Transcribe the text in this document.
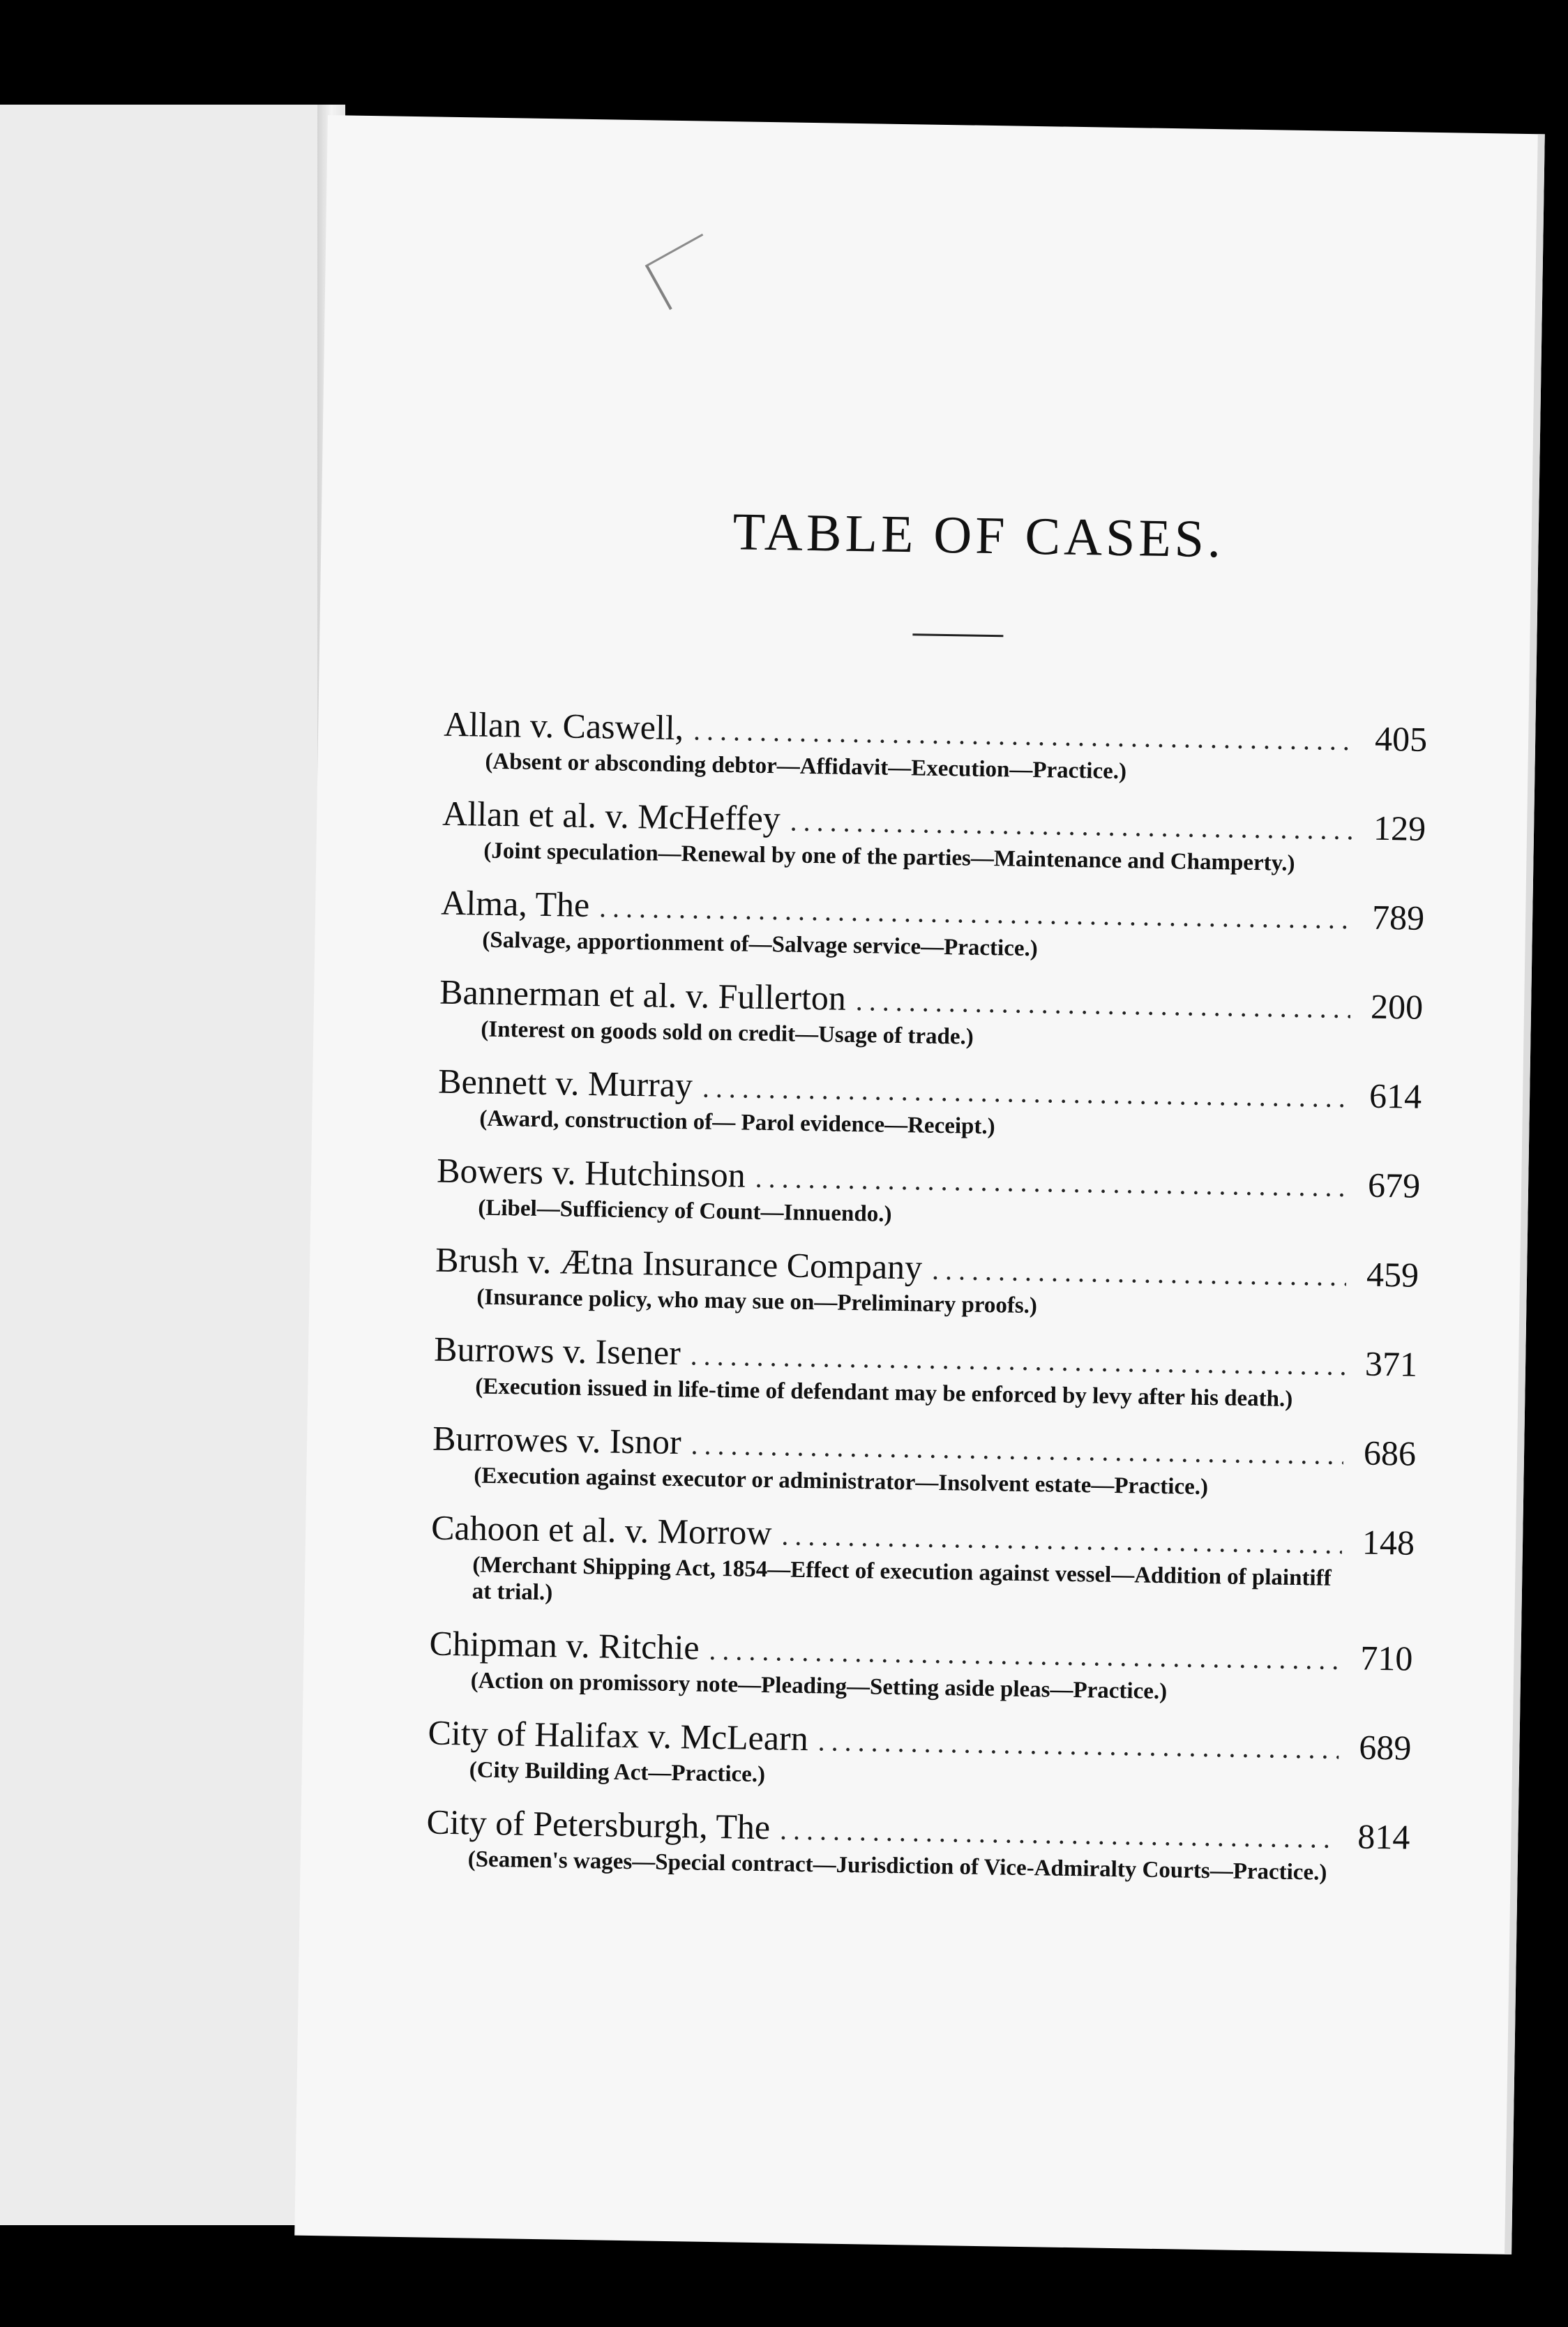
TABLE OF CASES.
Allan v. Caswell, .....	405
(Absent or absconding debtor—Affidavit—Execution—Practice.)
Allan et al. v. McHeffey .....	129
(Joint speculation—Renewal by one of the parties—Maintenance and Champerty.)
Alma, The .....	789
(Salvage, apportionment of—Salvage service—Practice.)
Bannerman et al. v. Fullerton .....	200
(Interest on goods sold on credit—Usage of trade.)
Bennett v. Murray .....	614
(Award, construction of— Parol evidence—Receipt.)
Bowers v. Hutchinson .....	679
(Libel—Sufficiency of Count—Innuendo.)
Brush v. Ætna Insurance Company .....	459
(Insurance policy, who may sue on—Preliminary proofs.)
Burrows v. Isener .....	371
(Execution issued in life-time of defendant may be enforced by levy after his death.)
Burrowes v. Isnor .....	686
(Execution against executor or administrator—Insolvent estate—Practice.)
Cahoon et al. v. Morrow .....	148
(Merchant Shipping Act, 1854—Effect of execution against vessel—Addition of plaintiff at trial.)
Chipman v. Ritchie .....	710
(Action on promissory note—Pleading—Setting aside pleas—Practice.)
City of Halifax v. McLearn .....	689
(City Building Act—Practice.)
City of Petersburgh, The .....	814
(Seamen's wages—Special contract—Jurisdiction of Vice-Admiralty Courts—Practice.)
